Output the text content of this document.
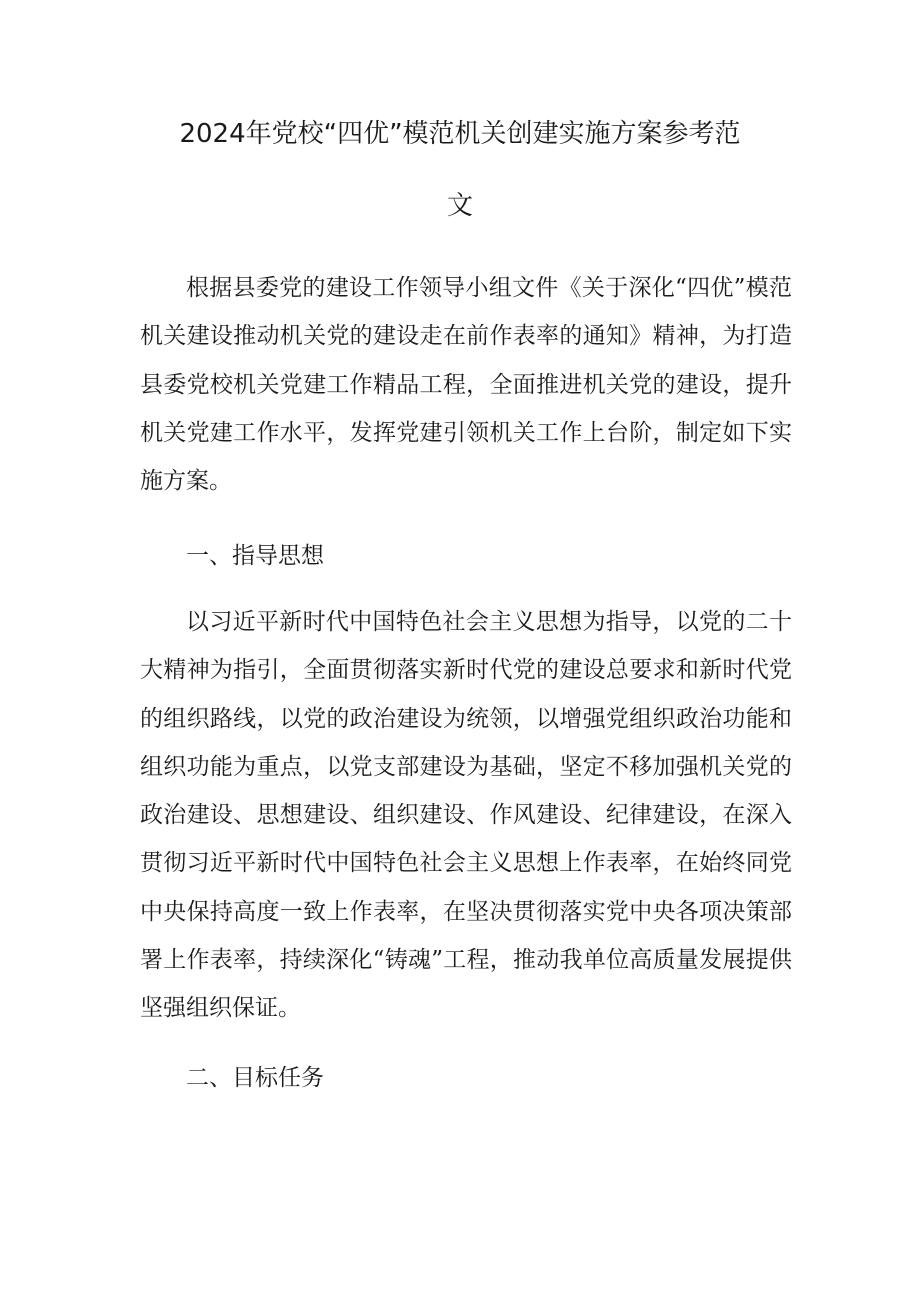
2024年党校“四优”模范机关创建实施方案参考范
文

根据县委党的建设工作领导小组文件《关于深化“四优”模范机关建设推动机关党的建设走在前作表率的通知》精神，为打造县委党校机关党建工作精品工程，全面推进机关党的建设，提升机关党建工作水平，发挥党建引领机关工作上台阶，制定如下实施方案。

一、指导思想

以习近平新时代中国特色社会主义思想为指导，以党的二十大精神为指引，全面贯彻落实新时代党的建设总要求和新时代党的组织路线，以党的政治建设为统领，以增强党组织政治功能和组织功能为重点，以党支部建设为基础，坚定不移加强机关党的政治建设、思想建设、组织建设、作风建设、纪律建设，在深入贯彻习近平新时代中国特色社会主义思想上作表率，在始终同党中央保持高度一致上作表率，在坚决贯彻落实党中央各项决策部署上作表率，持续深化“铸魂”工程，推动我单位高质量发展提供坚强组织保证。

二、目标任务
